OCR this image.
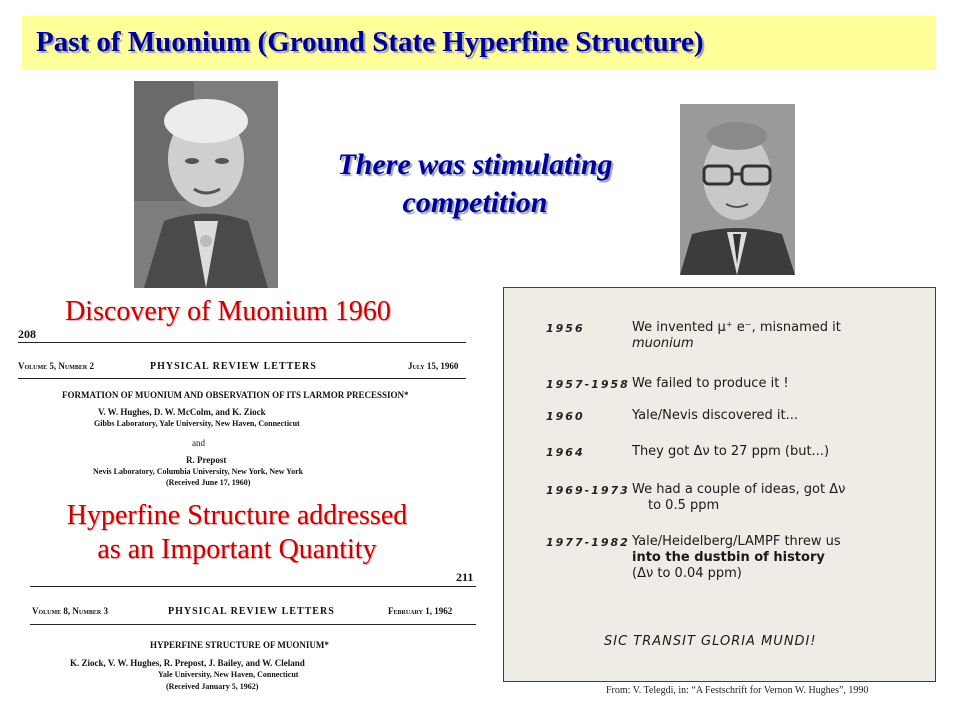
Past of Muonium (Ground State Hyperfine Structure)
There was stimulating
competition
Discovery of Muonium 1960
208
Volume 5, Number 2	PHYSICAL REVIEW LETTERS	July 15, 1960
FORMATION OF MUONIUM AND OBSERVATION OF ITS LARMOR PRECESSION*
V. W. Hughes, D. W. McColm, and K. Ziock
Gibbs Laboratory, Yale University, New Haven, Connecticut
and
R. Prepost
Nevis Laboratory, Columbia University, New York, New York
(Received June 17, 1960)
Hyperfine Structure addressed
as an Important Quantity
211
Volume 8, Number 3	PHYSICAL REVIEW LETTERS	February 1, 1962
HYPERFINE STRUCTURE OF MUONIUM*
K. Ziock, V. W. Hughes, R. Prepost, J. Bailey, and W. Cleland
Yale University, New Haven, Connecticut
(Received January 5, 1962)
1956	We invented μ⁺ e⁻, misnamed it
muonium
1957-1958 We failed to produce it !
1960	Yale/Nevis discovered it...
1964	They got Δν to 27 ppm (but...)
1969-1973 We had a couple of ideas, got Δν
to 0.5 ppm
1977-1982 Yale/Heidelberg/LAMPF threw us
into the dustbin of history
(Δν to 0.04 ppm)
SIC TRANSIT GLORIA MUNDI!
From: V. Telegdi, in: “A Festschrift for Vernon W. Hughes”, 1990
